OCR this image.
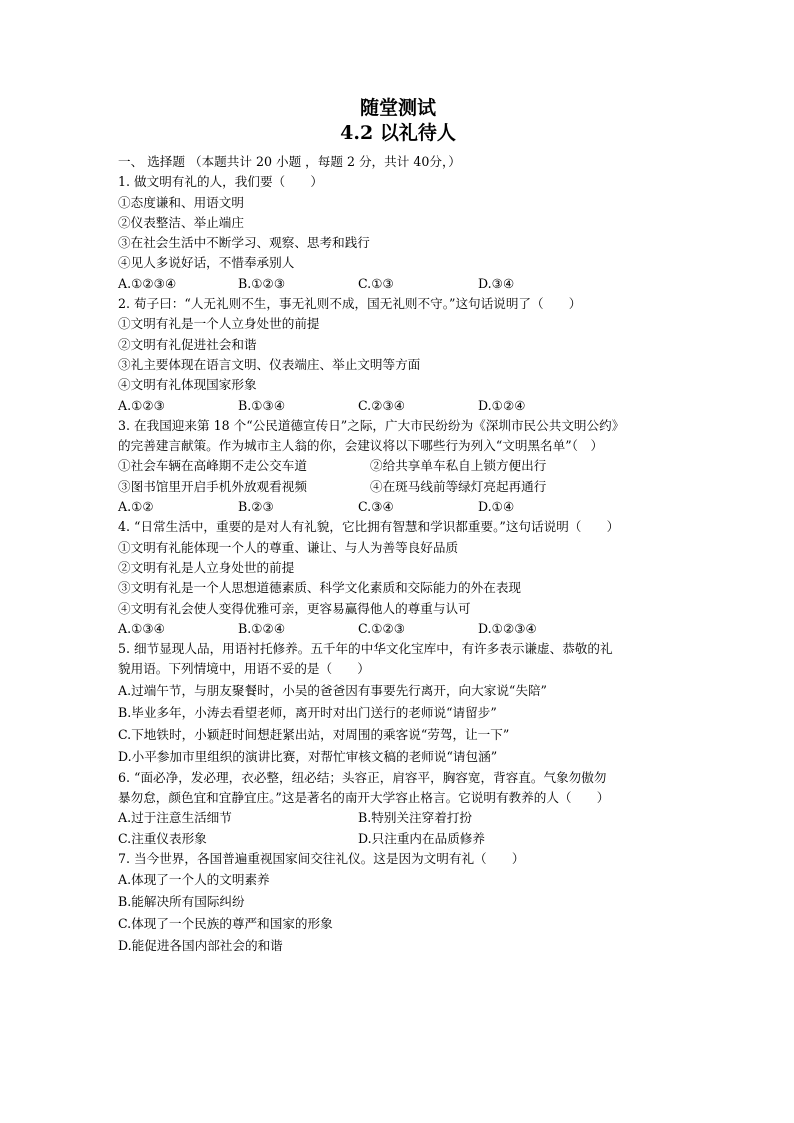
随堂测试
4.2 以礼待人
一、 选择题 （本题共计 20 小题 ，每题 2 分，共计 40分，）
1. 做文明有礼的人，我们要（　　）
①态度谦和、用语文明
②仪表整洁、举止端庄
③在社会生活中不断学习、观察、思考和践行
④见人多说好话，不惜奉承别人
A.①②③④	B.①②③	C.①③	D.③④
2. 荀子曰：“人无礼则不生，事无礼则不成，国无礼则不守。”这句话说明了（　　）
①文明有礼是一个人立身处世的前提
②文明有礼促进社会和谐
③礼主要体现在语言文明、仪表端庄、举止文明等方面
④文明有礼体现国家形象
A.①②③	B.①③④	C.②③④	D.①②④
3. 在我国迎来第 18 个“公民道德宣传日”之际，广大市民纷纷为《深圳市民公共文明公约》
的完善建言献策。作为城市主人翁的你，会建议将以下哪些行为列入“文明黑名单”（　）
①社会车辆在高峰期不走公交车道	②给共享单车私自上锁方便出行
③图书馆里开启手机外放观看视频	④在斑马线前等绿灯亮起再通行
A.①②	B.②③	C.③④	D.①④
4. “日常生活中，重要的是对人有礼貌，它比拥有智慧和学识都重要。”这句话说明（　　）
①文明有礼能体现一个人的尊重、谦让、与人为善等良好品质
②文明有礼是人立身处世的前提
③文明有礼是一个人思想道德素质、科学文化素质和交际能力的外在表现
④文明有礼会使人变得优雅可亲，更容易赢得他人的尊重与认可
A.①③④	B.①②④	C.①②③	D.①②③④
5. 细节显现人品，用语衬托修养。五千年的中华文化宝库中，有许多表示谦虚、恭敬的礼
貌用语。下列情境中，用语不妥的是（　　）
A.过端午节，与朋友聚餐时，小吴的爸爸因有事要先行离开，向大家说“失陪”
B.毕业多年，小涛去看望老师，离开时对出门送行的老师说“请留步”
C.下地铁时，小颖赶时间想赶紧出站，对周围的乘客说“劳驾，让一下”
D.小平参加市里组织的演讲比赛，对帮忙审核文稿的老师说“请包涵”
6. “面必净，发必理，衣必整，纽必结；头容正，肩容平，胸容宽，背容直。气象勿傲勿
暴勿怠，颜色宜和宜静宜庄。”这是著名的南开大学容止格言。它说明有教养的人（　　）
A.过于注意生活细节	B.特别关注穿着打扮
C.注重仪表形象	D.只注重内在品质修养
7. 当今世界，各国普遍重视国家间交往礼仪。这是因为文明有礼（　　）
A.体现了一个人的文明素养
B.能解决所有国际纠纷
C.体现了一个民族的尊严和国家的形象
D.能促进各国内部社会的和谐
